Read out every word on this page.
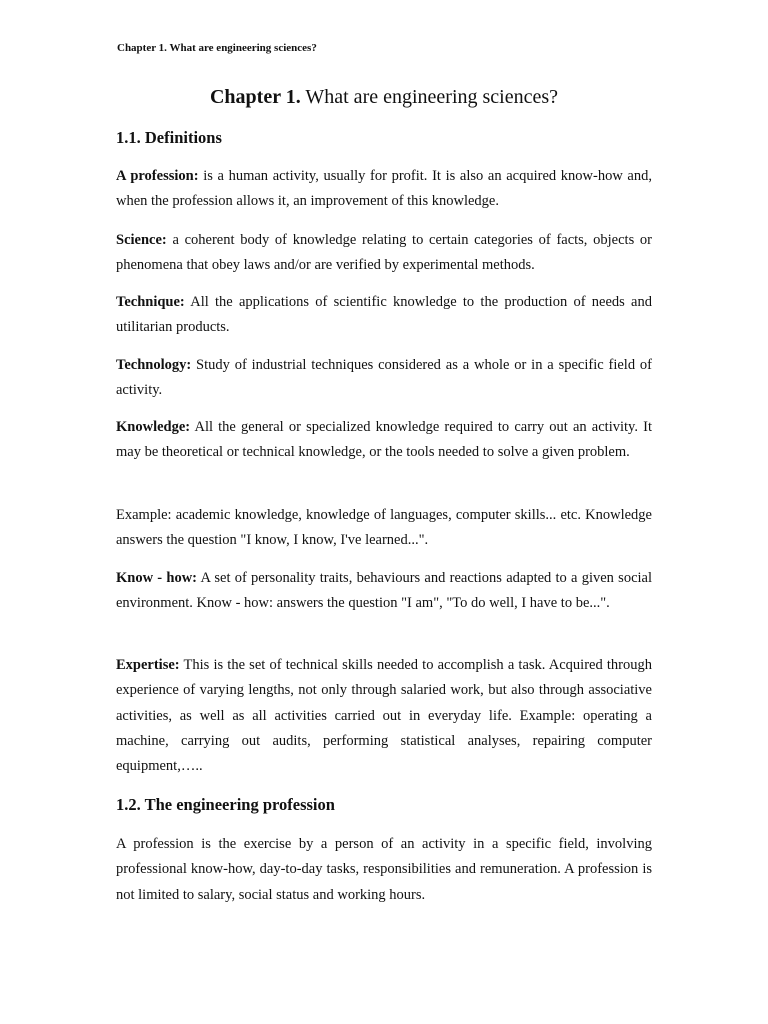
Chapter 1. What are engineering sciences?
Chapter 1. What are engineering sciences?
1.1. Definitions

A profession: is a human activity, usually for profit. It is also an acquired know-how and, when the profession allows it, an improvement of this knowledge.

Science: a coherent body of knowledge relating to certain categories of facts, objects or phenomena that obey laws and/or are verified by experimental methods.

Technique: All the applications of scientific knowledge to the production of needs and utilitarian products.

Technology: Study of industrial techniques considered as a whole or in a specific field of activity.

Knowledge: All the general or specialized knowledge required to carry out an activity. It may be theoretical or technical knowledge, or the tools needed to solve a given problem.

Example: academic knowledge, knowledge of languages, computer skills... etc. Knowledge answers the question "I know, I know, I've learned...".

Know - how: A set of personality traits, behaviours and reactions adapted to a given social environment. Know - how: answers the question "I am", "To do well, I have to be...".

Expertise: This is the set of technical skills needed to accomplish a task. Acquired through experience of varying lengths, not only through salaried work, but also through associative activities, as well as all activities carried out in everyday life. Example: operating a machine, carrying out audits, performing statistical analyses, repairing computer equipment,…..

1.2. The engineering profession

A profession is the exercise by a person of an activity in a specific field, involving professional know-how, day-to-day tasks, responsibilities and remuneration. A profession is not limited to salary, social status and working hours.
